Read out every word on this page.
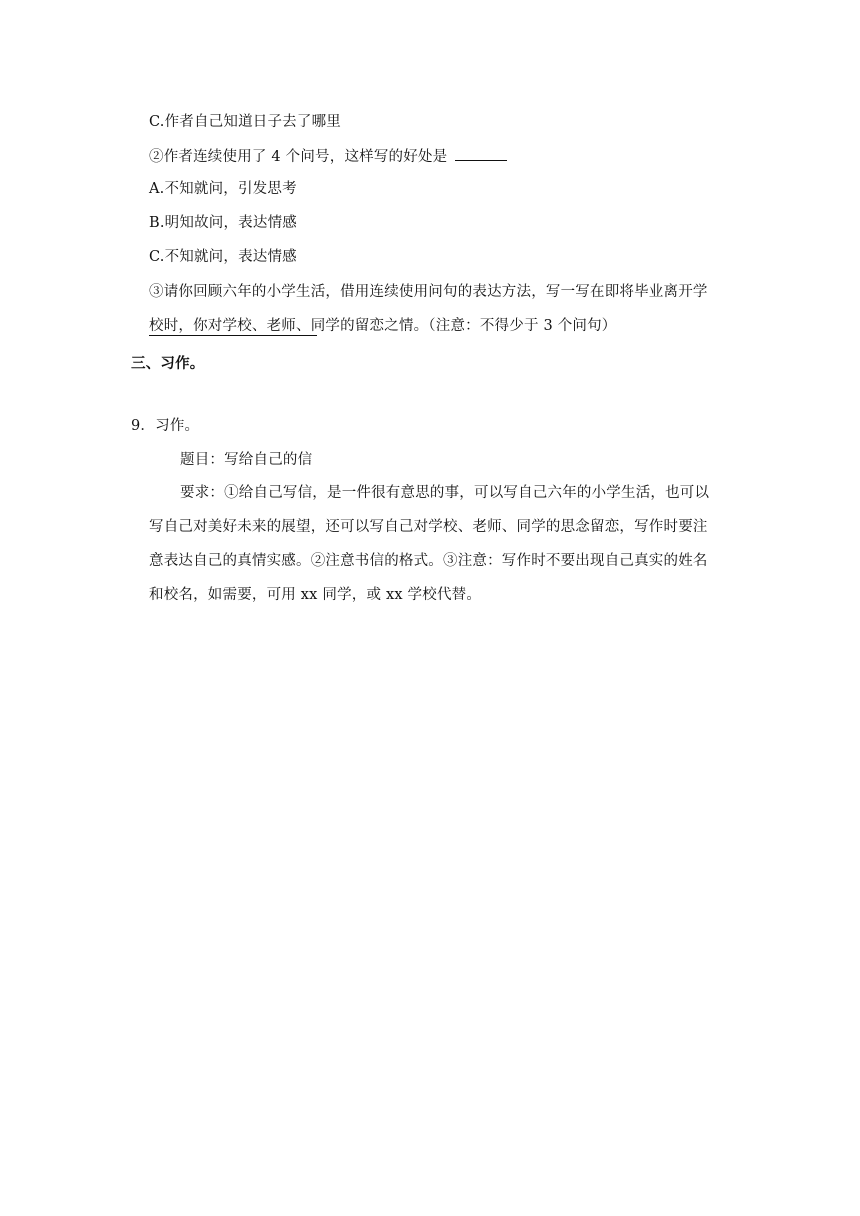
C.作者自己知道日子去了哪里
②作者连续使用了 4 个问号，这样写的好处是
A.不知就问，引发思考
B.明知故问，表达情感
C.不知就问，表达情感
③请你回顾六年的小学生活，借用连续使用问句的表达方法，写一写在即将毕业离开学
校时，你对学校、老师、同学的留恋之情。（注意：不得少于 3 个问句）
三、习作。
9．习作。
题目：写给自己的信
要求：①给自己写信，是一件很有意思的事，可以写自己六年的小学生活，也可以
写自己对美好未来的展望，还可以写自己对学校、老师、同学的思念留恋，写作时要注
意表达自己的真情实感。②注意书信的格式。③注意：写作时不要出现自己真实的姓名
和校名，如需要，可用 xx 同学，或 xx 学校代替。
